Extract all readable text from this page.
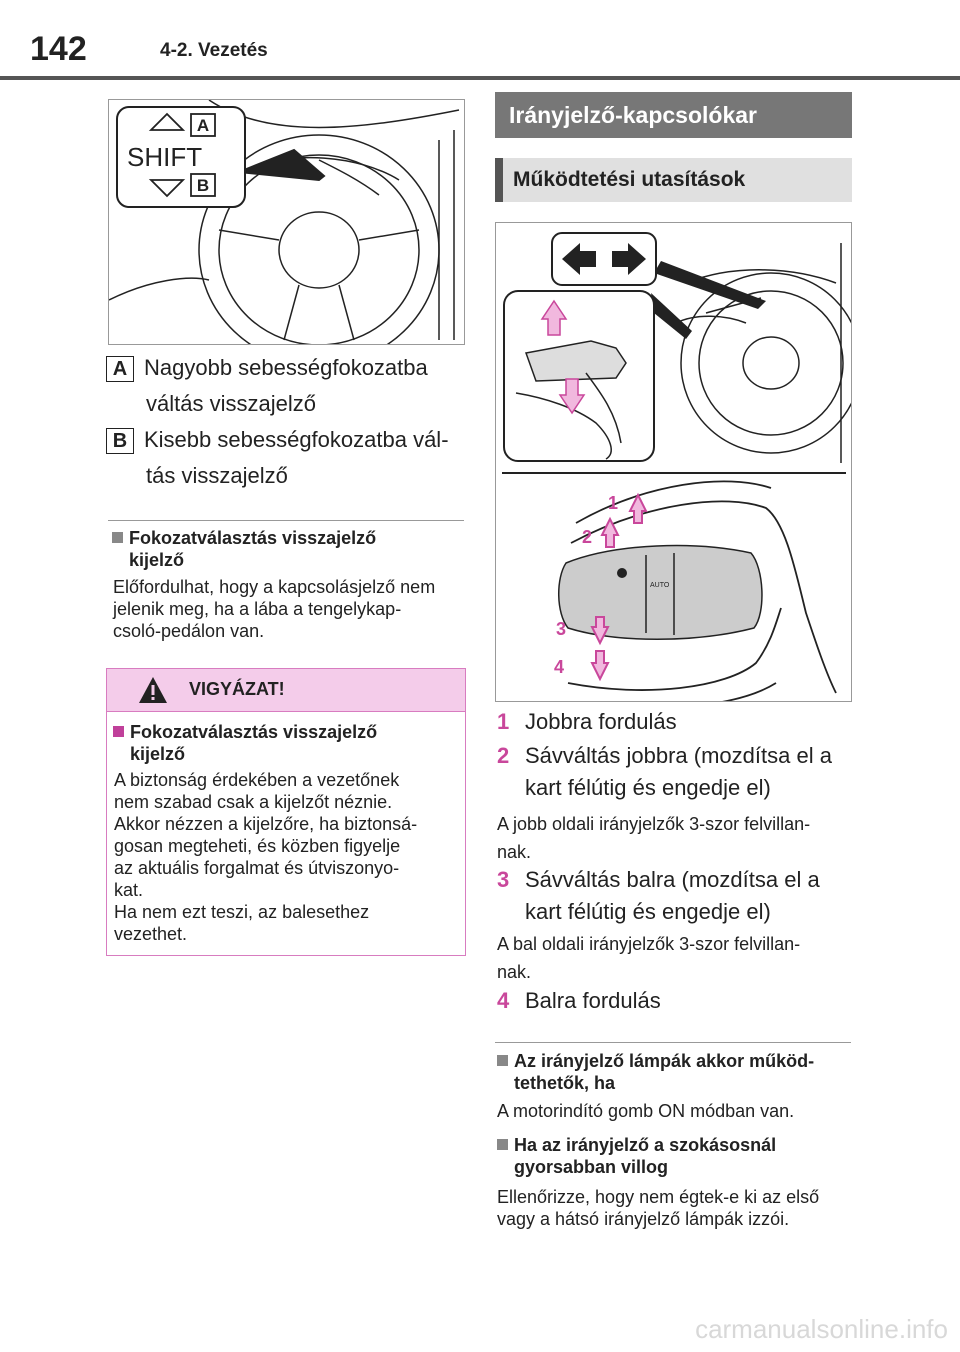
142	4-2. Vezetés
A
B
SHIFT
A Nagyobb sebességfokozatba
váltás visszajelző
B Kisebb sebességfokozatba vál-
tás visszajelző
Fokozatválasztás visszajelző
kijelző
Előfordulhat, hogy a kapcsolásjelző nem
jelenik meg, ha a lába a tengelykap-
csoló-pedálon van.
VIGYÁZAT!
Fokozatválasztás visszajelző
kijelző
A biztonság érdekében a vezetőnek
nem szabad csak a kijelzőt néznie.
Akkor nézzen a kijelzőre, ha biztonsá-
gosan megteheti, és közben figyelje
az aktuális forgalmat és útviszonyo-
kat.
Ha nem ezt teszi, az balesethez
vezethet.
Irányjelző-kapcsolókar
Működtetési utasítások
AUTO
1
2
3
4
1 Jobbra fordulás
2 Sávváltás jobbra (mozdítsa el a
kart félútig és engedje el)
A jobb oldali irányjelzők 3-szor felvillan-
nak.
3 Sávváltás balra (mozdítsa el a
kart félútig és engedje el)
A bal oldali irányjelzők 3-szor felvillan-
nak.
4 Balra fordulás
Az irányjelző lámpák akkor működ-
tethetők, ha
A motorindító gomb ON módban van.
Ha az irányjelző a szokásosnál
gyorsabban villog
Ellenőrizze, hogy nem égtek-e ki az első
vagy a hátsó irányjelző lámpák izzói.
carmanualsonline.info
